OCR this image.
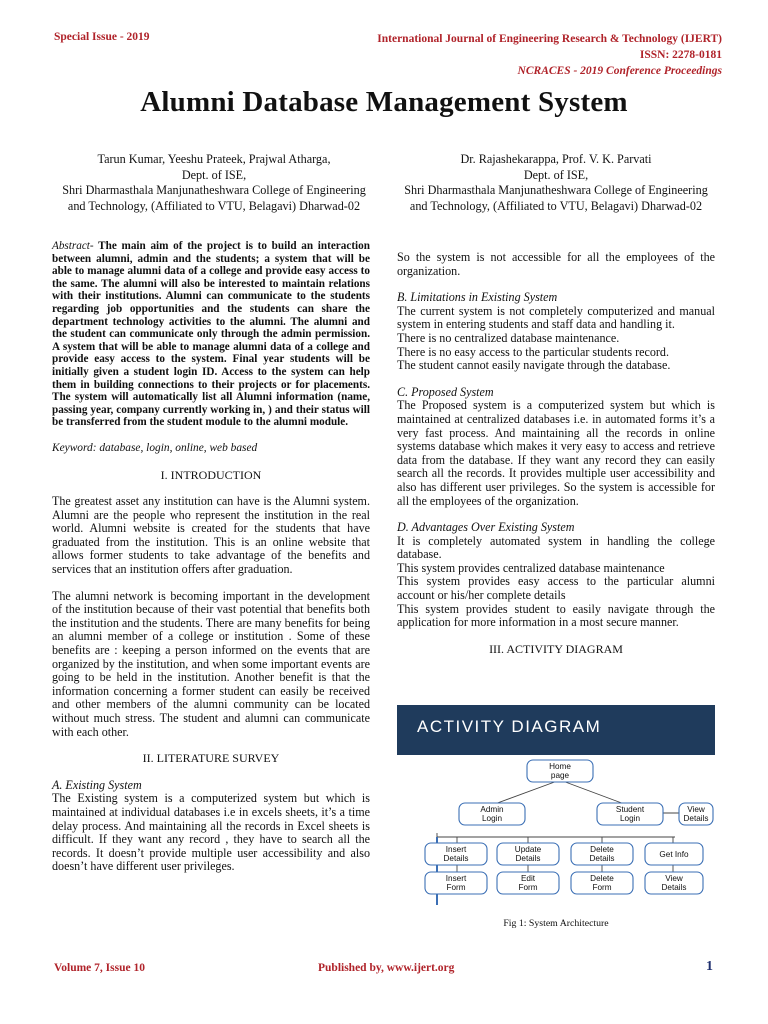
Special Issue - 2019	International Journal of Engineering Research & Technology (IJERT)
ISSN: 2278-0181
NCRACES - 2019 Conference Proceedings
Alumni Database Management System
Tarun Kumar, Yeeshu Prateek, Prajwal Atharga,
Dept. of ISE,
Shri Dharmasthala Manjunatheshwara College of Engineering
and Technology, (Affiliated to VTU, Belagavi) Dharwad-02
Dr. Rajashekarappa, Prof. V. K. Parvati
Dept. of ISE,
Shri Dharmasthala Manjunatheshwara College of Engineering
and Technology, (Affiliated to VTU, Belagavi) Dharwad-02

Abstract- The main aim of the project is to build an interaction between alumni, admin and the students; a system that will be able to manage alumni data of a college and provide easy access to the same. The alumni will also be interested to maintain relations with their institutions. Alumni can communicate to the students regarding job opportunities and the students can share the department technology activities to the alumni. The alumni and the student can communicate only through the admin permission. A system that will be able to manage alumni data of a college and provide easy access to the system. Final year students will be initially given a student login ID. Access to the system can help them in building connections to their projects or for placements. The system will automatically list all Alumni information (name, passing year, company currently working in, ) and their status will be transferred from the student module to the alumni module.

Keyword: database, login, online, web based

I. INTRODUCTION

The greatest asset any institution can have is the Alumni system. Alumni are the people who represent the institution in the real world. Alumni website is created for the students that have graduated from the institution. This is an online website that allows former students to take advantage of the benefits and services that an institution offers after graduation.

The alumni network is becoming important in the development of the institution because of their vast potential that benefits both the institution and the students. There are many benefits for being an alumni member of a college or institution . Some of these benefits are : keeping a person informed on the events that are organized by the institution, and when some important events are going to be held in the institution. Another benefit is that the information concerning a former student can easily be received and other members of the alumni community can be located without much stress. The student and alumni can communicate with each other.

II. LITERATURE SURVEY

A. Existing System

The Existing system is a computerized system but which is maintained at individual databases i.e in excels sheets, it’s a time delay process. And maintaining all the records in Excel sheets is difficult. If they want any record , they have to search all the records. It doesn’t provide multiple user accessibility and also doesn’t have different user privileges.

So the system is not accessible for all the employees of the organization.

B. Limitations in Existing System

The current system is not completely computerized and manual system in entering students and staff data and handling it.

There is no centralized database maintenance.

There is no easy access to the particular students record.

The student cannot easily navigate through the database.

C. Proposed System

The Proposed system is a computerized system but which is maintained at centralized databases i.e. in automated forms it’s a very fast process. And maintaining all the records in online systems database which makes it very easy to access and retrieve data from the database. If they want any record they can easily search all the records. It provides multiple user accessibility and also has different user privileges. So the system is accessible for all the employees of the organization.

D. Advantages Over Existing System

It is completely automated system in handling the college database.

This system provides centralized database maintenance

This system provides easy access to the particular alumni account or his/her complete details

This system provides student to easily navigate through the application for more information in a most secure manner.

III. ACTIVITY DIAGRAM

ACTIVITY DIAGRAM
Home
page
Admin
Login
Student
Login
View
Details
Insert
Details
Update
Details
Delete
Details	Get Info
Insert
Form
Edit
Form
Delete
Form
View
Details
Fig 1: System Architecture
Volume 7, Issue 10	Published by, www.ijert.org	1
